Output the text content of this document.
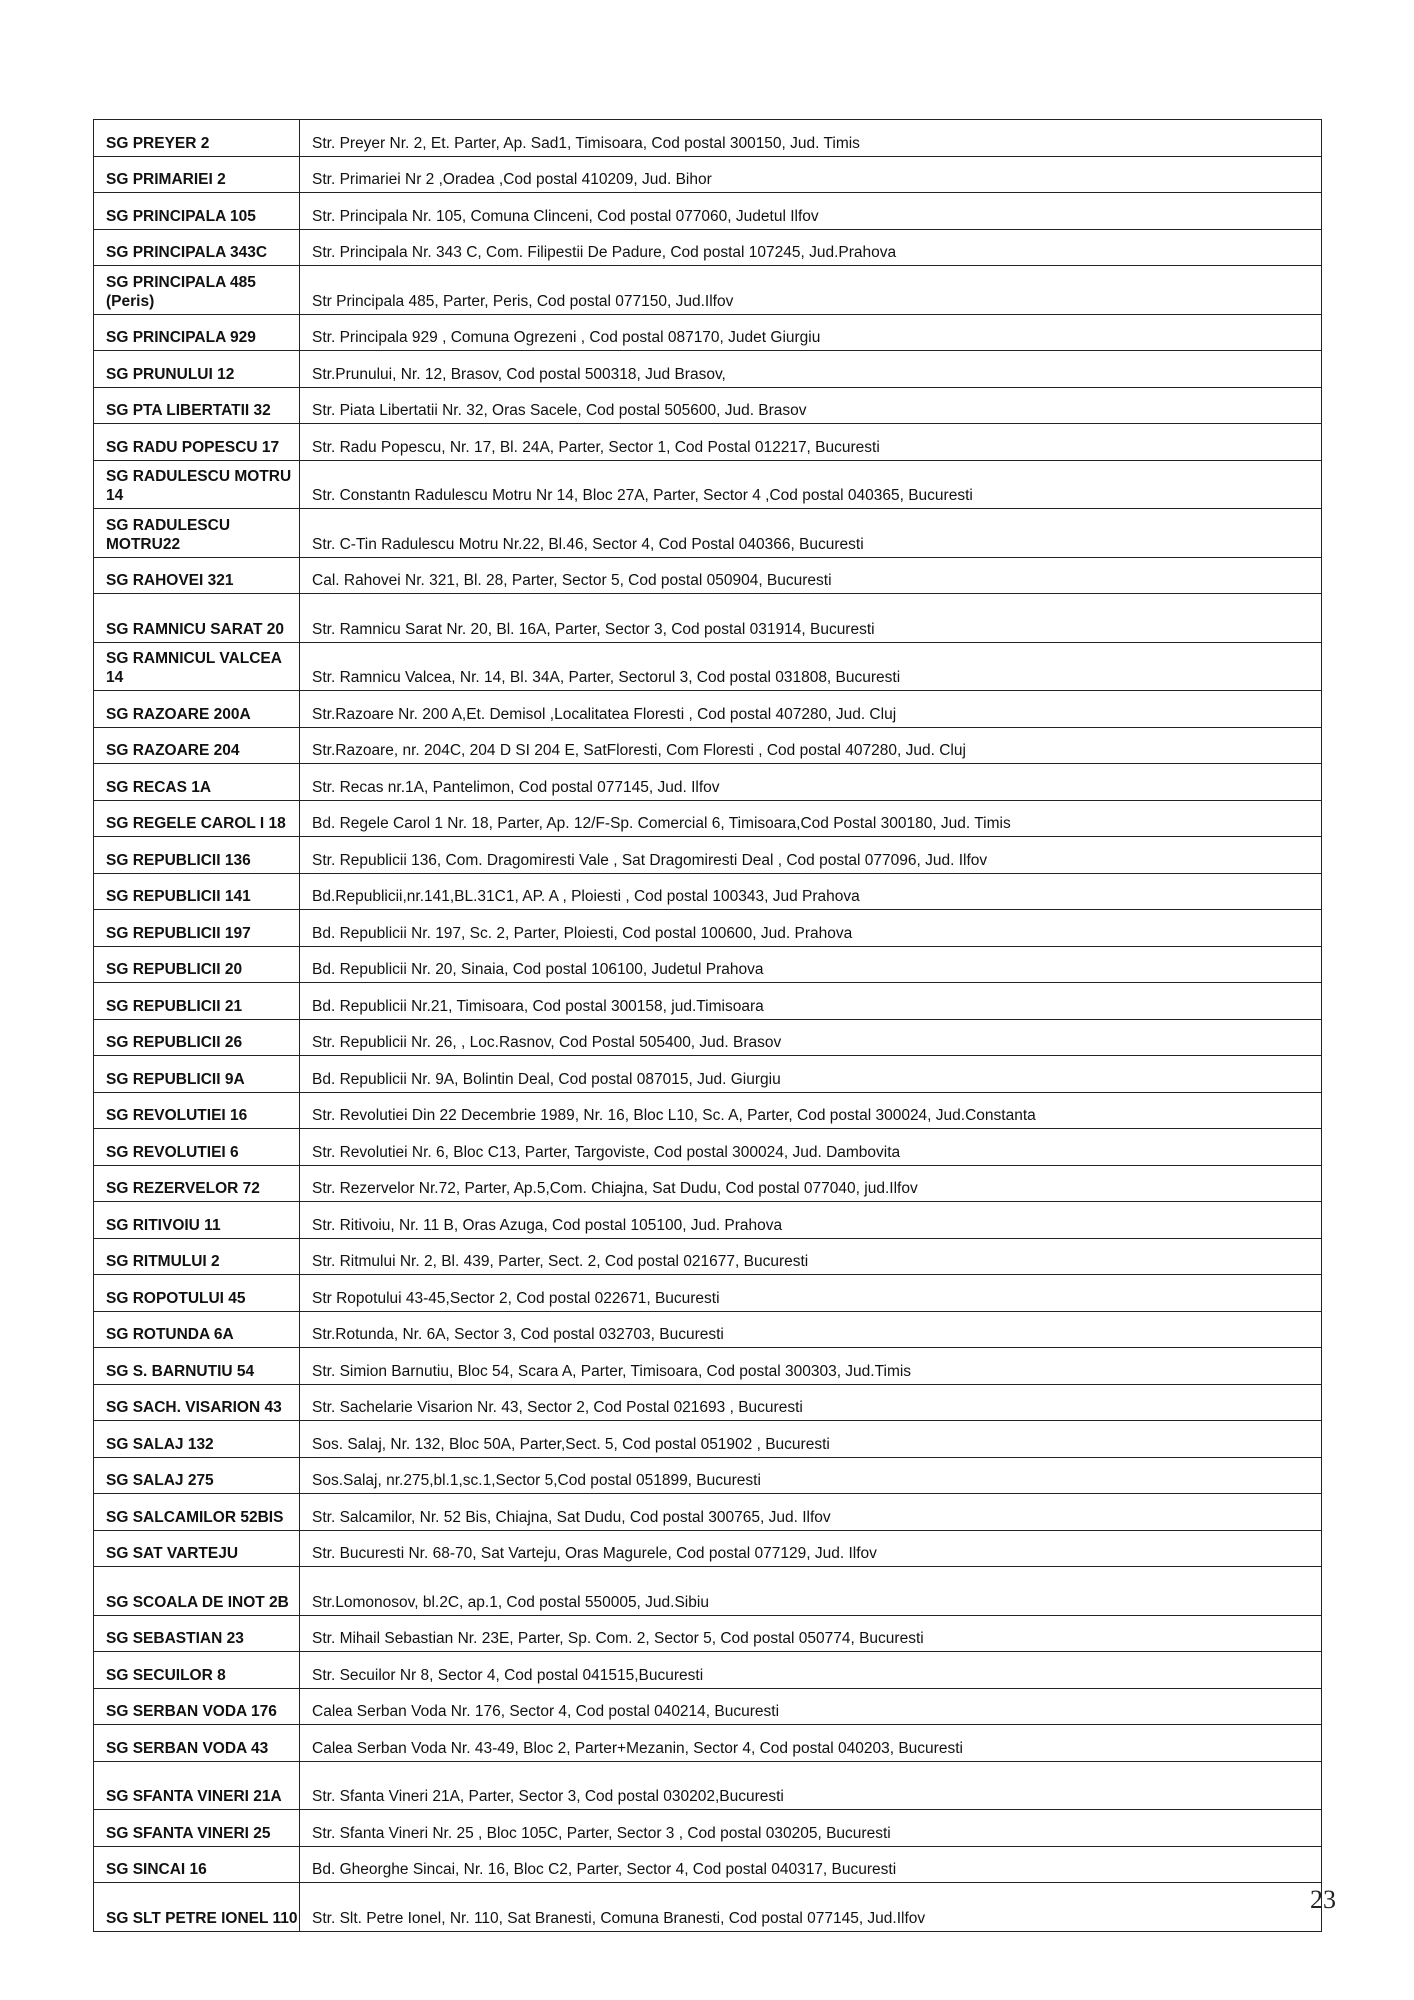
SG PREYER 2	Str. Preyer Nr. 2, Et. Parter, Ap. Sad1, Timisoara, Cod postal 300150, Jud. Timis
SG PRIMARIEI 2	Str. Primariei Nr 2 ,Oradea ,Cod postal 410209, Jud. Bihor
SG PRINCIPALA 105	Str. Principala Nr. 105, Comuna Clinceni, Cod postal 077060, Judetul Ilfov
SG PRINCIPALA 343C	Str. Principala Nr. 343 C, Com. Filipestii De Padure, Cod postal 107245, Jud.Prahova
SG PRINCIPALA 485 (Peris)	Str Principala 485, Parter, Peris, Cod postal 077150, Jud.Ilfov
SG PRINCIPALA 929	Str. Principala 929 , Comuna Ogrezeni , Cod postal 087170, Judet Giurgiu
SG PRUNULUI 12	Str.Prunului, Nr. 12, Brasov, Cod postal 500318, Jud Brasov,
SG PTA LIBERTATII 32	Str. Piata Libertatii Nr. 32, Oras Sacele, Cod postal 505600, Jud. Brasov
SG RADU POPESCU 17	Str. Radu Popescu, Nr. 17, Bl. 24A, Parter, Sector 1, Cod Postal 012217, Bucuresti
SG RADULESCU MOTRU 14	Str. Constantn Radulescu Motru Nr 14, Bloc 27A, Parter, Sector 4 ,Cod postal 040365, Bucuresti
SG RADULESCU MOTRU22	Str. C-Tin Radulescu Motru Nr.22, Bl.46, Sector 4, Cod Postal 040366, Bucuresti
SG RAHOVEI 321	Cal. Rahovei Nr. 321, Bl. 28, Parter, Sector 5, Cod postal 050904, Bucuresti
SG RAMNICU SARAT 20	Str. Ramnicu Sarat Nr. 20, Bl. 16A, Parter, Sector 3, Cod postal 031914, Bucuresti
SG RAMNICUL VALCEA 14	Str. Ramnicu Valcea, Nr. 14, Bl. 34A, Parter, Sectorul 3, Cod postal 031808, Bucuresti
SG RAZOARE 200A	Str.Razoare Nr. 200 A,Et. Demisol ,Localitatea Floresti , Cod postal 407280, Jud. Cluj
SG RAZOARE 204	Str.Razoare, nr. 204C, 204 D SI 204 E, SatFloresti, Com Floresti , Cod postal 407280, Jud. Cluj
SG RECAS 1A	Str. Recas nr.1A, Pantelimon, Cod postal 077145, Jud. Ilfov
SG REGELE CAROL I 18	Bd. Regele Carol 1 Nr. 18, Parter, Ap. 12/F-Sp. Comercial 6, Timisoara,Cod Postal 300180, Jud. Timis
SG REPUBLICII 136	Str. Republicii 136, Com. Dragomiresti Vale , Sat Dragomiresti Deal , Cod postal 077096, Jud. Ilfov
SG REPUBLICII 141	Bd.Republicii,nr.141,BL.31C1, AP. A , Ploiesti , Cod postal 100343, Jud Prahova
SG REPUBLICII 197	Bd. Republicii Nr. 197, Sc. 2, Parter, Ploiesti, Cod postal 100600, Jud. Prahova
SG REPUBLICII 20	Bd. Republicii Nr. 20, Sinaia, Cod postal 106100, Judetul Prahova
SG REPUBLICII 21	Bd. Republicii Nr.21, Timisoara, Cod postal 300158, jud.Timisoara
SG REPUBLICII 26	Str. Republicii Nr. 26, , Loc.Rasnov, Cod Postal 505400, Jud. Brasov
SG REPUBLICII 9A	Bd. Republicii Nr. 9A, Bolintin Deal, Cod postal 087015, Jud. Giurgiu
SG REVOLUTIEI 16	Str. Revolutiei Din 22 Decembrie 1989, Nr. 16, Bloc L10, Sc. A, Parter, Cod postal 300024, Jud.Constanta
SG REVOLUTIEI 6	Str. Revolutiei Nr. 6, Bloc C13, Parter, Targoviste, Cod postal 300024, Jud. Dambovita
SG REZERVELOR 72	Str. Rezervelor Nr.72, Parter, Ap.5,Com. Chiajna, Sat Dudu, Cod postal 077040, jud.Ilfov
SG RITIVOIU 11	Str. Ritivoiu, Nr. 11 B, Oras Azuga, Cod postal 105100, Jud. Prahova
SG RITMULUI 2	Str. Ritmului Nr. 2, Bl. 439, Parter, Sect. 2, Cod postal 021677, Bucuresti
SG ROPOTULUI 45	Str Ropotului 43-45,Sector 2, Cod postal 022671, Bucuresti
SG ROTUNDA 6A	Str.Rotunda, Nr. 6A, Sector 3, Cod postal 032703, Bucuresti
SG S. BARNUTIU 54	Str. Simion Barnutiu, Bloc 54, Scara A, Parter, Timisoara, Cod postal 300303, Jud.Timis
SG SACH. VISARION 43	Str. Sachelarie Visarion Nr. 43, Sector 2, Cod Postal 021693 , Bucuresti
SG SALAJ 132	Sos. Salaj, Nr. 132, Bloc 50A, Parter,Sect. 5, Cod postal 051902 , Bucuresti
SG SALAJ 275	Sos.Salaj, nr.275,bl.1,sc.1,Sector 5,Cod postal 051899, Bucuresti
SG SALCAMILOR 52BIS	Str. Salcamilor, Nr. 52 Bis, Chiajna, Sat Dudu, Cod postal 300765, Jud. Ilfov
SG SAT VARTEJU	Str. Bucuresti Nr. 68-70, Sat Varteju, Oras Magurele, Cod postal 077129, Jud. Ilfov
SG SCOALA DE INOT 2B	Str.Lomonosov, bl.2C, ap.1, Cod postal 550005, Jud.Sibiu
SG SEBASTIAN 23	Str. Mihail Sebastian Nr. 23E, Parter, Sp. Com. 2, Sector 5, Cod postal 050774, Bucuresti
SG SECUILOR 8	Str. Secuilor Nr 8, Sector 4, Cod postal 041515,Bucuresti
SG SERBAN VODA 176	Calea Serban Voda Nr. 176, Sector 4, Cod postal 040214, Bucuresti
SG SERBAN VODA 43	Calea Serban Voda Nr. 43-49, Bloc 2, Parter+Mezanin, Sector 4, Cod postal 040203, Bucuresti
SG SFANTA VINERI 21A	Str. Sfanta Vineri 21A, Parter, Sector 3, Cod postal 030202,Bucuresti
SG SFANTA VINERI 25	Str. Sfanta Vineri Nr. 25 , Bloc 105C, Parter, Sector 3 , Cod postal 030205, Bucuresti
SG SINCAI 16	Bd. Gheorghe Sincai, Nr. 16, Bloc C2, Parter, Sector 4, Cod postal 040317, Bucuresti
SG SLT PETRE IONEL 110	Str. Slt. Petre Ionel, Nr. 110, Sat Branesti, Comuna Branesti, Cod postal 077145, Jud.Ilfov
23
